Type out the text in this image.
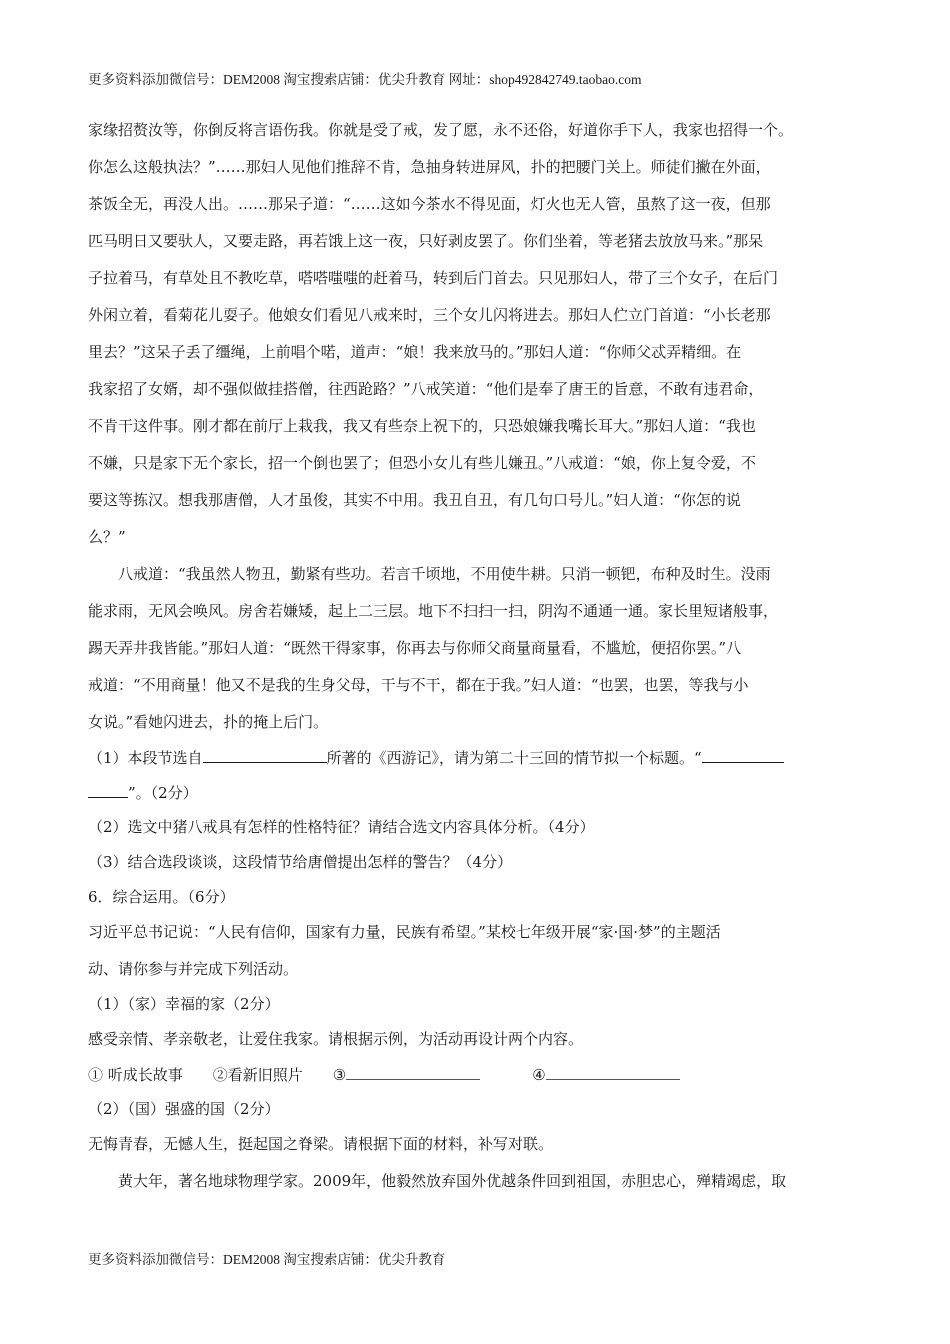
更多资料添加微信号：DEM2008 淘宝搜索店铺：优尖升教育 网址：shop492842749.taobao.com
家缘招赘汝等，你倒反将言语伤我。你就是受了戒，发了愿，永不还俗，好道你手下人，我家也招得一个。
你怎么这般执法？”……那妇人见他们推辞不肯，急抽身转进屏风，扑的把腰门关上。师徒们撇在外面，
茶饭全无，再没人出。……那呆子道：“……这如今茶水不得见面，灯火也无人管，虽熬了这一夜，但那
匹马明日又要驮人，又要走路，再若饿上这一夜，只好剥皮罢了。你们坐着，等老猪去放放马来。”那呆
子拉着马，有草处且不教吃草，嗒嗒嗤嗤的赶着马，转到后门首去。只见那妇人，带了三个女子，在后门
外闲立着，看菊花儿耍子。他娘女们看见八戒来时，三个女儿闪将进去。那妇人伫立门首道：“小长老那
里去？”这呆子丢了缰绳，上前唱个喏，道声：“娘！我来放马的。”那妇人道：“你师父忒弄精细。在
我家招了女婿，却不强似做挂搭僧，往西跄路？”八戒笑道：“他们是奉了唐王的旨意，不敢有违君命，
不肯干这件事。刚才都在前厅上栽我，我又有些奈上祝下的，只恐娘嫌我嘴长耳大。”那妇人道：“我也
不嫌，只是家下无个家长，招一个倒也罢了；但恐小女儿有些儿嫌丑。”八戒道：“娘，你上复令爱，不
要这等拣汉。想我那唐僧，人才虽俊，其实不中用。我丑自丑，有几句口号儿。”妇人道：“你怎的说
么？”
八戒道：“我虽然人物丑，勤紧有些功。若言千顷地，不用使牛耕。只消一顿钯，布种及时生。没雨
能求雨，无风会唤风。房舍若嫌矮，起上二三层。地下不扫扫一扫，阴沟不通通一通。家长里短诸般事，
踢天弄井我皆能。”那妇人道：“既然干得家事，你再去与你师父商量商量看，不尴尬，便招你罢。”八
戒道：“不用商量！他又不是我的生身父母，干与不干，都在于我。”妇人道：“也罢，也罢，等我与小
女说。”看她闪进去，扑的掩上后门。
（1）本段节选自	所著的《西游记》，请为第二十三回的情节拟一个标题。“
”。（2分）
（2）选文中猪八戒具有怎样的性格特征？请结合选文内容具体分析。（4分）
（3）结合选段谈谈，这段情节给唐僧提出怎样的警告？（4分）
6．综合运用。（6分）
习近平总书记说：“人民有信仰，国家有力量，民族有希望。”某校七年级开展“家·国·梦”的主题活
动、请你参与并完成下列活动。
（1）（家）幸福的家（2分）
感受亲情、孝亲敬老，让爱住我家。请根据示例，为活动再设计两个内容。
① 听成长故事 ②看新旧照片 ③	④
（2）（国）强盛的国（2分）
无悔青春，无憾人生，挺起国之脊梁。请根据下面的材料，补写对联。
黄大年，著名地球物理学家。2009年，他毅然放弃国外优越条件回到祖国，赤胆忠心，殚精竭虑，取
更多资料添加微信号：DEM2008 淘宝搜索店铺：优尖升教育
